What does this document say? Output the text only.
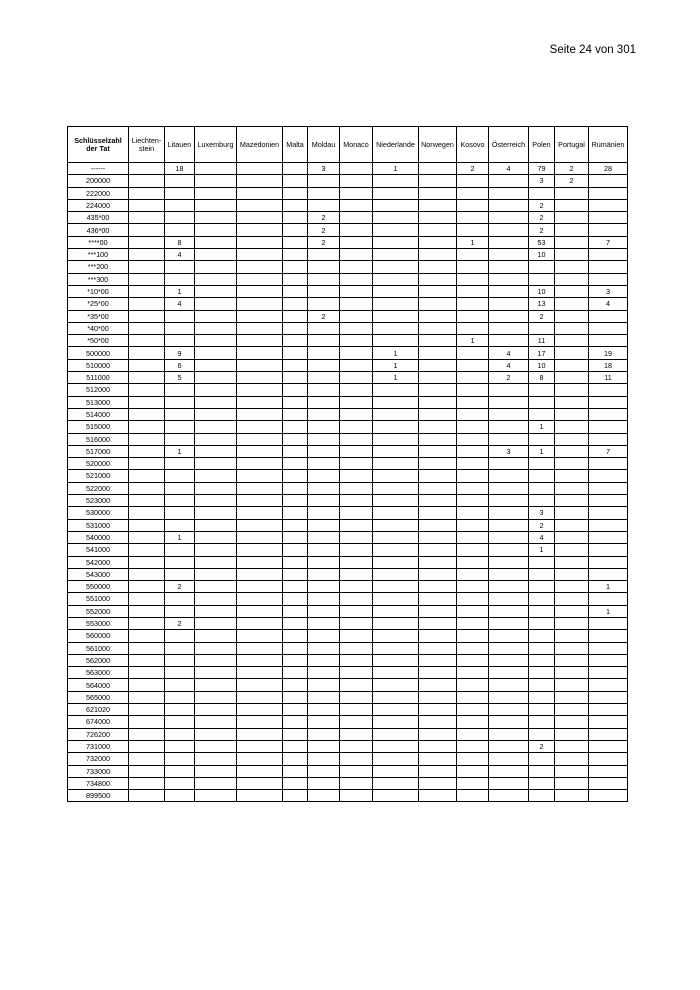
Seite 24 von 301
Schlüsselzahl der Tat	Liechten-stein	Litauen	Luxemburg	Mazedonien	Malta	Moldau	Monaco	Niederlande	Norwegen	Kosovo	Österreich	Polen	Portugal	Rumänien
------		18				3		1		2	4	79	2	28
200000												3	2	
222000														
224000												2		
435*00						2						2		
436*00						2						2		
****00		8				2				1		53		7
***100		4										10		
***200														
***300														
*10*00		1										10		3
*25*00		4										13		4
*35*00						2						2		
*40*00														
*50*00										1		11		
500000		9						1			4	17		19
510000		6						1			4	10		18
511000		5						1			2	8		11
512000														
513000														
514000														
515000												1		
516000														
517000		1									3	1		7
520000														
521000														
522000														
523000														
530000												3		
531000												2		
540000		1										4		
541000												1		
542000														
543000														
550000		2												1
551000														
552000														1
553000		2												
560000														
561000														
562000														
563000														
564000														
565000														
621020														
674000														
726200														
731000												2		
732000														
733000														
734800														
899500														
